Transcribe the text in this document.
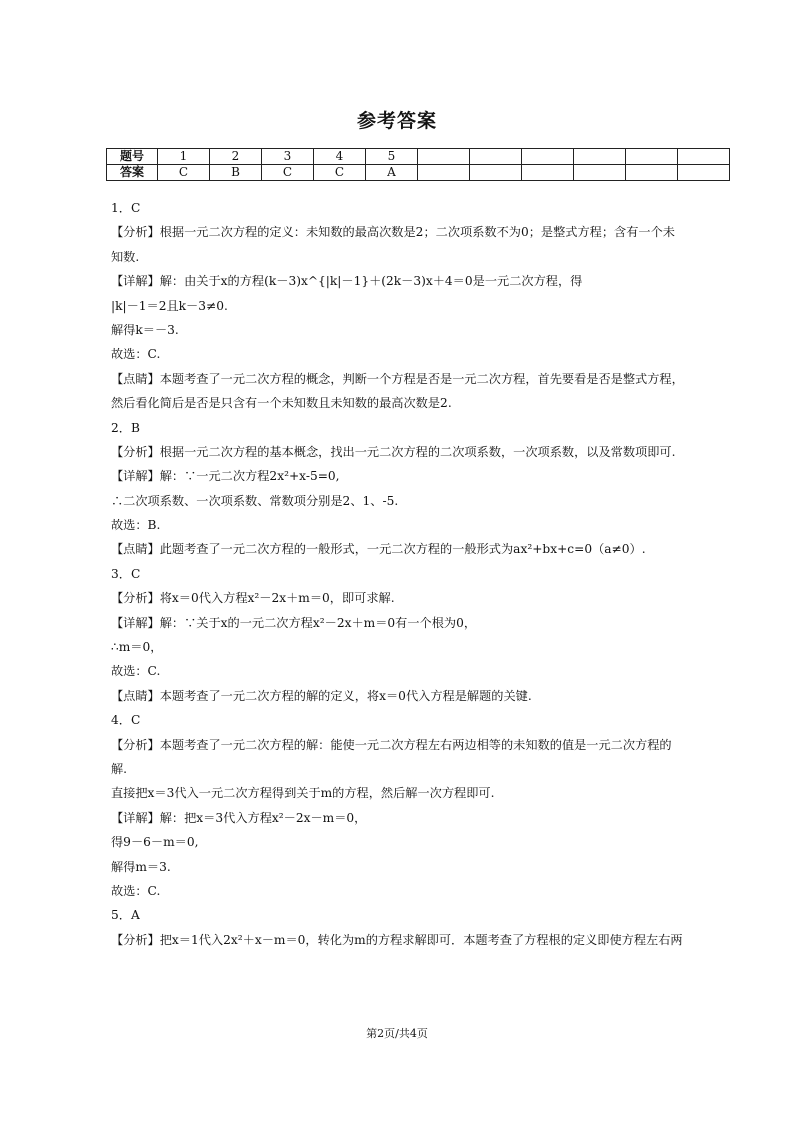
参考答案
题号	1	2	3	4	5						
答案	C	B	C	C	A						
1．C
【分析】根据一元二次方程的定义：未知数的最高次数是2；二次项系数不为0；是整式方程；含有一个未
知数.
【详解】解：由关于x的方程(k－3)x^{|k|－1}＋(2k－3)x＋4＝0是一元二次方程，得
|k|－1＝2且k－3≠0.
解得k＝－3.
故选：C.
【点睛】本题考查了一元二次方程的概念，判断一个方程是否是一元二次方程，首先要看是否是整式方程，
然后看化简后是否是只含有一个未知数且未知数的最高次数是2.
2．B
【分析】根据一元二次方程的基本概念，找出一元二次方程的二次项系数，一次项系数，以及常数项即可.
【详解】解：∵一元二次方程2x²+x-5=0,
∴二次项系数、一次项系数、常数项分别是2、1、-5.
故选：B.
【点睛】此题考查了一元二次方程的一般形式，一元二次方程的一般形式为ax²+bx+c=0（a≠0）.
3．C
【分析】将x＝0代入方程x²－2x＋m＝0，即可求解.
【详解】解：∵关于x的一元二次方程x²－2x＋m＝0有一个根为0，
∴m＝0，
故选：C.
【点睛】本题考查了一元二次方程的解的定义，将x＝0代入方程是解题的关键.
4．C
【分析】本题考查了一元二次方程的解：能使一元二次方程左右两边相等的未知数的值是一元二次方程的
解.
直接把x＝3代入一元二次方程得到关于m的方程，然后解一次方程即可.
【详解】解：把x＝3代入方程x²－2x－m＝0，
得9－6－m＝0,
解得m＝3.
故选：C.
5．A
【分析】把x＝1代入2x²＋x－m＝0，转化为m的方程求解即可．本题考查了方程根的定义即使方程左右两
第2页/共4页
